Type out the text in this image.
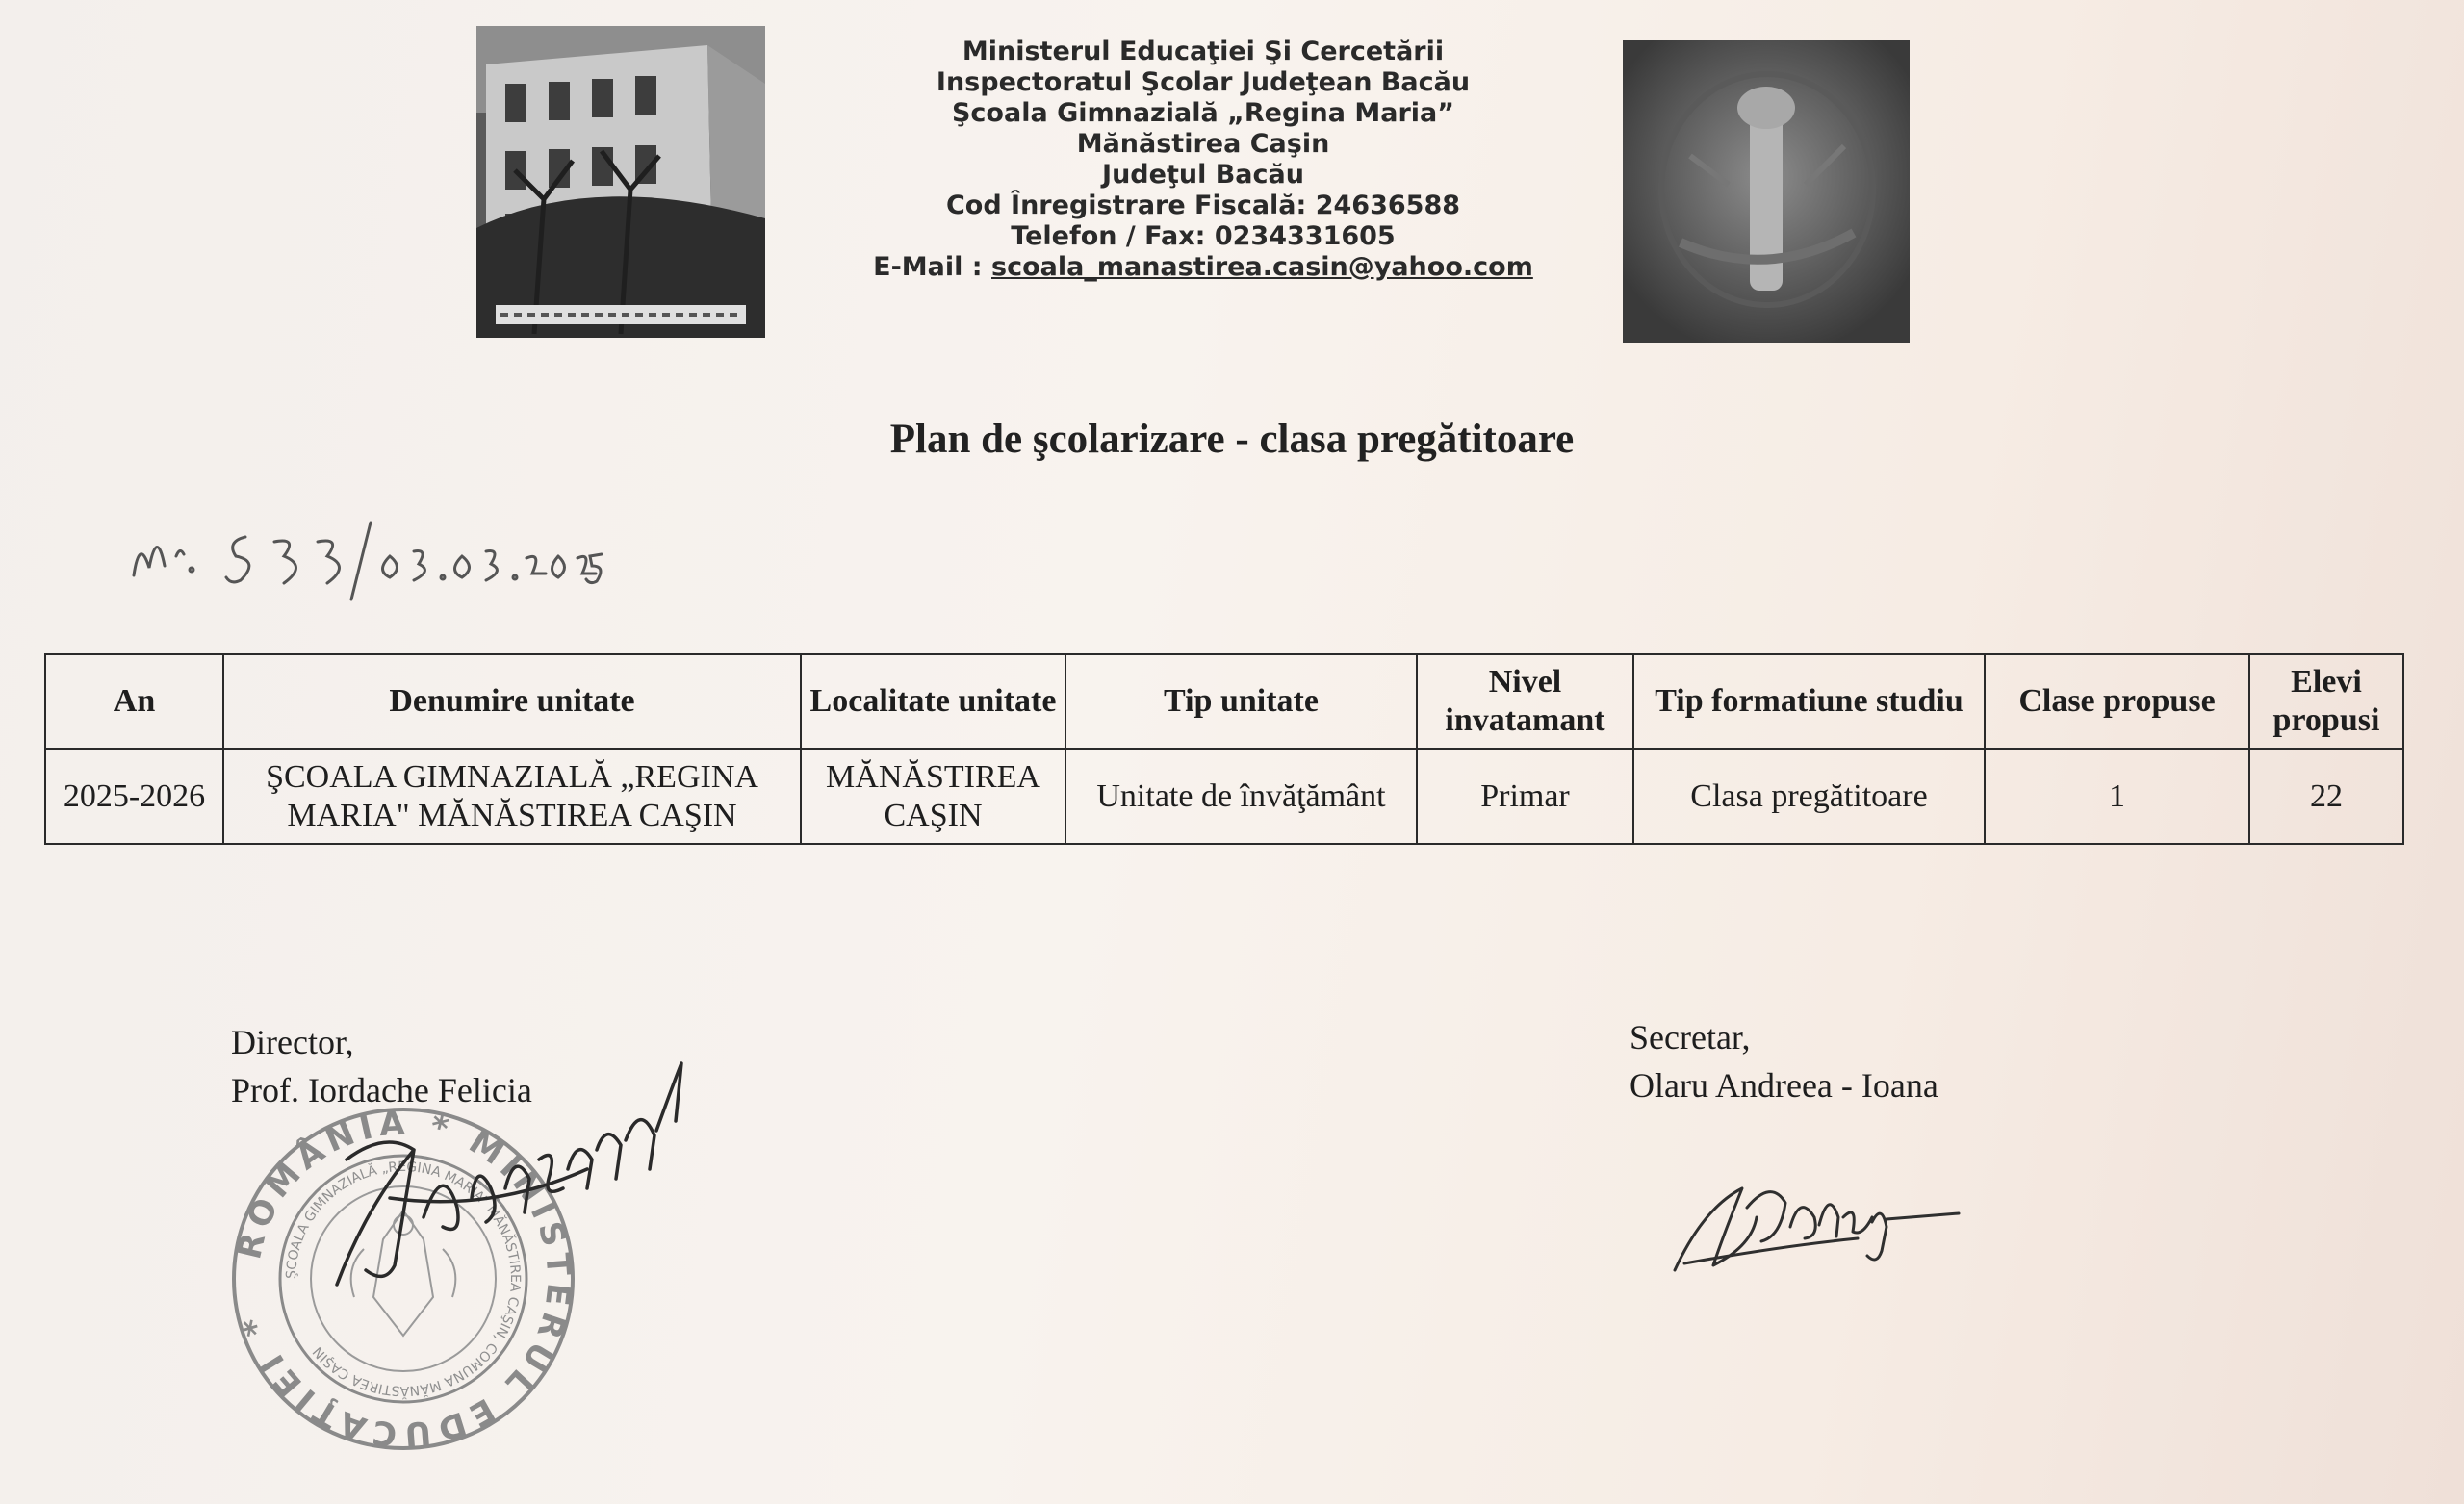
Ministerul Educaţiei Şi Cercetării
Inspectoratul Şcolar Judeţean Bacău
Şcoala Gimnazială „Regina Maria”
Mănăstirea Caşin
Judeţul Bacău
Cod Înregistrare Fiscală: 24636588
Telefon / Fax: 0234331605
E-Mail : scoala_manastirea.casin@yahoo.com
Plan de şcolarizare - clasa pregătitoare
An	Denumire unitate	Localitate unitate	Tip unitate	Nivel invatamant	Tip formatiune studiu	Clase propuse	Elevi propusi
2025-2026	ŞCOALA GIMNAZIALĂ „REGINA MARIA" MĂNĂSTIREA CAŞIN	MĂNĂSTIREA CAŞIN	Unitate de învăţământ	Primar	Clasa pregătitoare	1	22
Director,
Prof. Iordache Felicia
ROMÂNIA * MINISTERUL EDUCAŢIEI *
ŞCOALA GIMNAZIALĂ „REGINA MARIA” MĂNĂSTIREA CAŞIN, COMUNA MĂNĂSTIREA CAŞIN
Secretar,
Olaru Andreea - Ioana
